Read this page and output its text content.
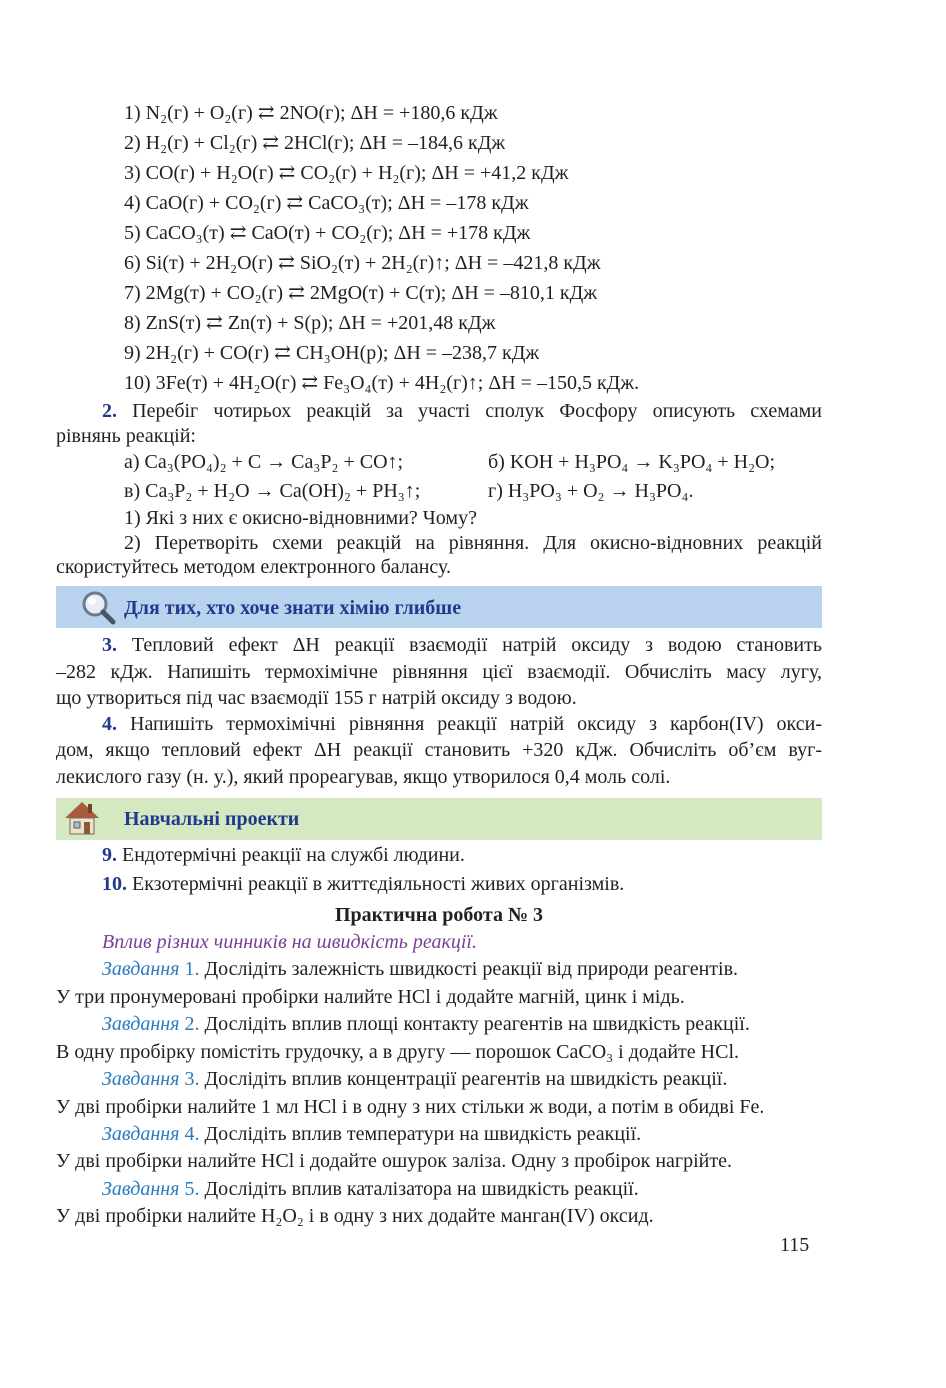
1) N₂(г) + O₂(г) ⇄ 2NO(г); ΔH = +180,6 кДж
2) H₂(г) + Cl₂(г) ⇄ 2HCl(г); ΔH = –184,6 кДж
3) CO(г) + H₂O(г) ⇄ CO₂(г) + H₂(г); ΔH = +41,2 кДж
4) CaO(г) + CO₂(г) ⇄ CaCO₃(т); ΔH = –178 кДж
5) CaCO₃(т) ⇄ CaO(т) + CO₂(г); ΔH = +178 кДж
6) Si(т) + 2H₂O(г) ⇄ SiO₂(т) + 2H₂(г)↑; ΔH = –421,8 кДж
7) 2Mg(т) + CO₂(г) ⇄ 2MgO(т) + C(т); ΔH = –810,1 кДж
8) ZnS(т) ⇄ Zn(т) + S(р); ΔH = +201,48 кДж
9) 2H₂(г) + CO(г) ⇄ CH₃OH(р); ΔH = –238,7 кДж
10) 3Fe(т) + 4H₂O(г) ⇄ Fe₃O₄(т) + 4H₂(г)↑; ΔH = –150,5 кДж.
2. Перебіг чотирьох реакцій за участі сполук Фосфору описують схемами
рівнянь реакцій:
а) Ca₃(PO₄)₂ + C → Ca₃P₂ + CO↑;	б) KOH + H₃PO₄ → K₃PO₄ + H₂O;
в) Ca₃P₂ + H₂O → Ca(OH)₂ + PH₃↑;	г) H₃PO₃ + O₂ → H₃PO₄.
1) Які з них є окисно-відновними? Чому?
2) Перетворіть схеми реакцій на рівняння. Для окисно-відновних реакцій
скористуйтесь методом електронного балансу.
Для тих, хто хоче знати хімію глибше
3. Тепловий ефект ΔH реакції взаємодії натрій оксиду з водою становить
–282 кДж. Напишіть термохімічне рівняння цієї взаємодії. Обчисліть масу лугу,
що утвориться під час взаємодії 155 г натрій оксиду з водою.
4. Напишіть термохімічні рівняння реакції натрій оксиду з карбон(IV) окси-
дом, якщо тепловий ефект ΔH реакції становить +320 кДж. Обчисліть об’єм вуг-
лекислого газу (н. у.), який прореагував, якщо утворилося 0,4 моль солі.
Навчальні проекти
9. Ендотермічні реакції на службі людини.
10. Екзотермічні реакції в життєдіяльності живих організмів.
Практична робота № 3
Вплив різних чинників на швидкість реакції.
Завдання 1. Дослідіть залежність швидкості реакції від природи реагентів.
У три пронумеровані пробірки налийте HCl і додайте магній, цинк і мідь.
Завдання 2. Дослідіть вплив площі контакту реагентів на швидкість реакції.
В одну пробірку помістіть грудочку, а в другу — порошок CaCO₃ і додайте HCl.
Завдання 3. Дослідіть вплив концентрації реагентів на швидкість реакції.
У дві пробірки налийте 1 мл HCl і в одну з них стільки ж води, а потім в обидві Fe.
Завдання 4. Дослідіть вплив температури на швидкість реакції.
У дві пробірки налийте HCl і додайте ошурок заліза. Одну з пробірок нагрійте.
Завдання 5. Дослідіть вплив каталізатора на швидкість реакції.
У дві пробірки налийте H₂O₂ і в одну з них додайте манган(IV) оксид.
115
